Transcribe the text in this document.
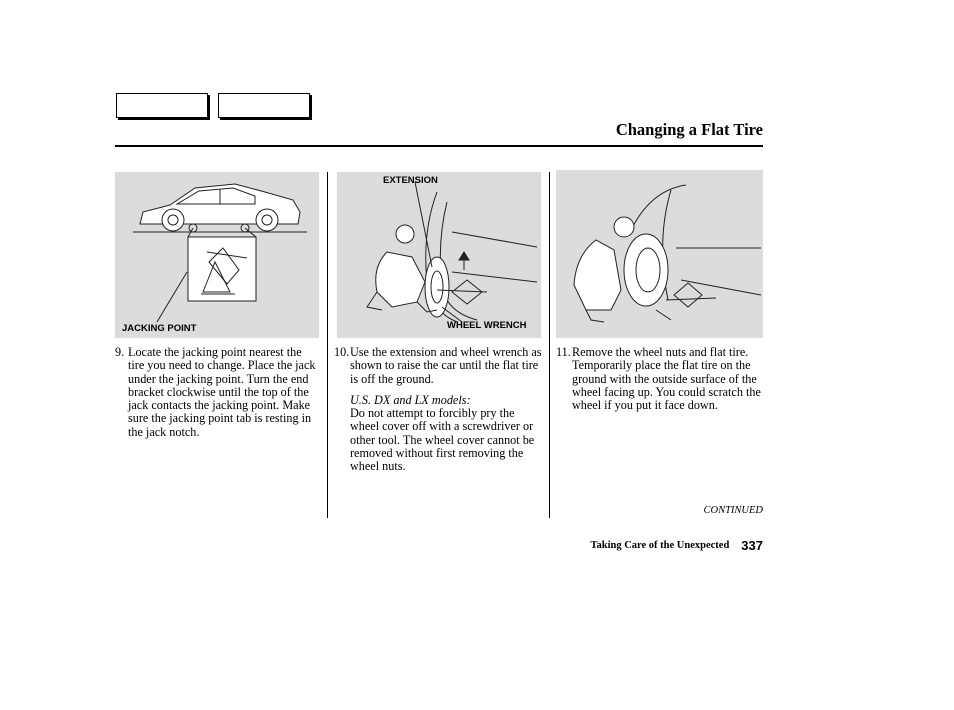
Changing a Flat Tire
JACKING POINT
EXTENSION
WHEEL WRENCH
9. Locate the jacking point nearest the tire you need to change. Place the jack under the jacking point. Turn the end bracket clockwise until the top of the jack contacts the jacking point. Make sure the jacking point tab is resting in the jack notch.
10. Use the extension and wheel wrench as shown to raise the car until the flat tire is off the ground.
U.S. DX and LX models:
Do not attempt to forcibly pry the wheel cover off with a screwdriver or other tool. The wheel cover cannot be removed without first removing the wheel nuts.
11. Remove the wheel nuts and flat tire. Temporarily place the flat tire on the ground with the outside surface of the wheel facing up. You could scratch the wheel if you put it face down.
CONTINUED
Taking Care of the Unexpected 337
